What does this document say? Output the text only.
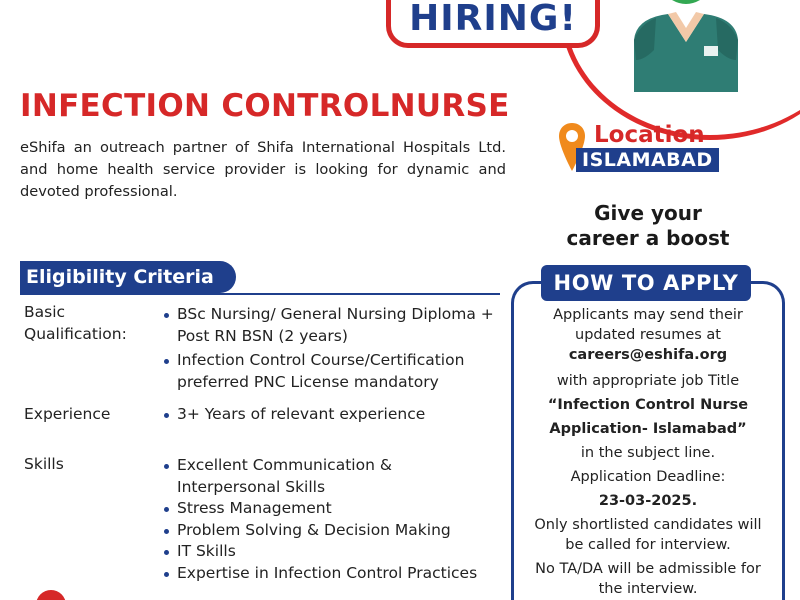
HIRING!
INFECTION CONTROLNURSE

eShifa an outreach partner of Shifa International Hospitals Ltd. and home health service provider is looking for dynamic and devoted professional.

Location
ISLAMABAD
Give your
career a boost
HOW TO APPLY
Applicants may send their
updated resumes at
careers@eshifa.org
with appropriate job Title
“Infection Control Nurse
Application- Islamabad”
in the subject line.
Application Deadline:
23-03-2025.
Only shortlisted candidates will
be called for interview.
No TA/DA will be admissible for
the interview.
Eligibility Criteria
Basic
Qualification:
BSc Nursing/ General Nursing Diploma +
Post RN BSN (2 years)
Infection Control Course/Certification
preferred PNC License mandatory
Experience	3+ Years of relevant experience
Skills	Excellent Communication &
Interpersonal Skills
Stress Management
Problem Solving & Decision Making
IT Skills
Expertise in Infection Control Practices
